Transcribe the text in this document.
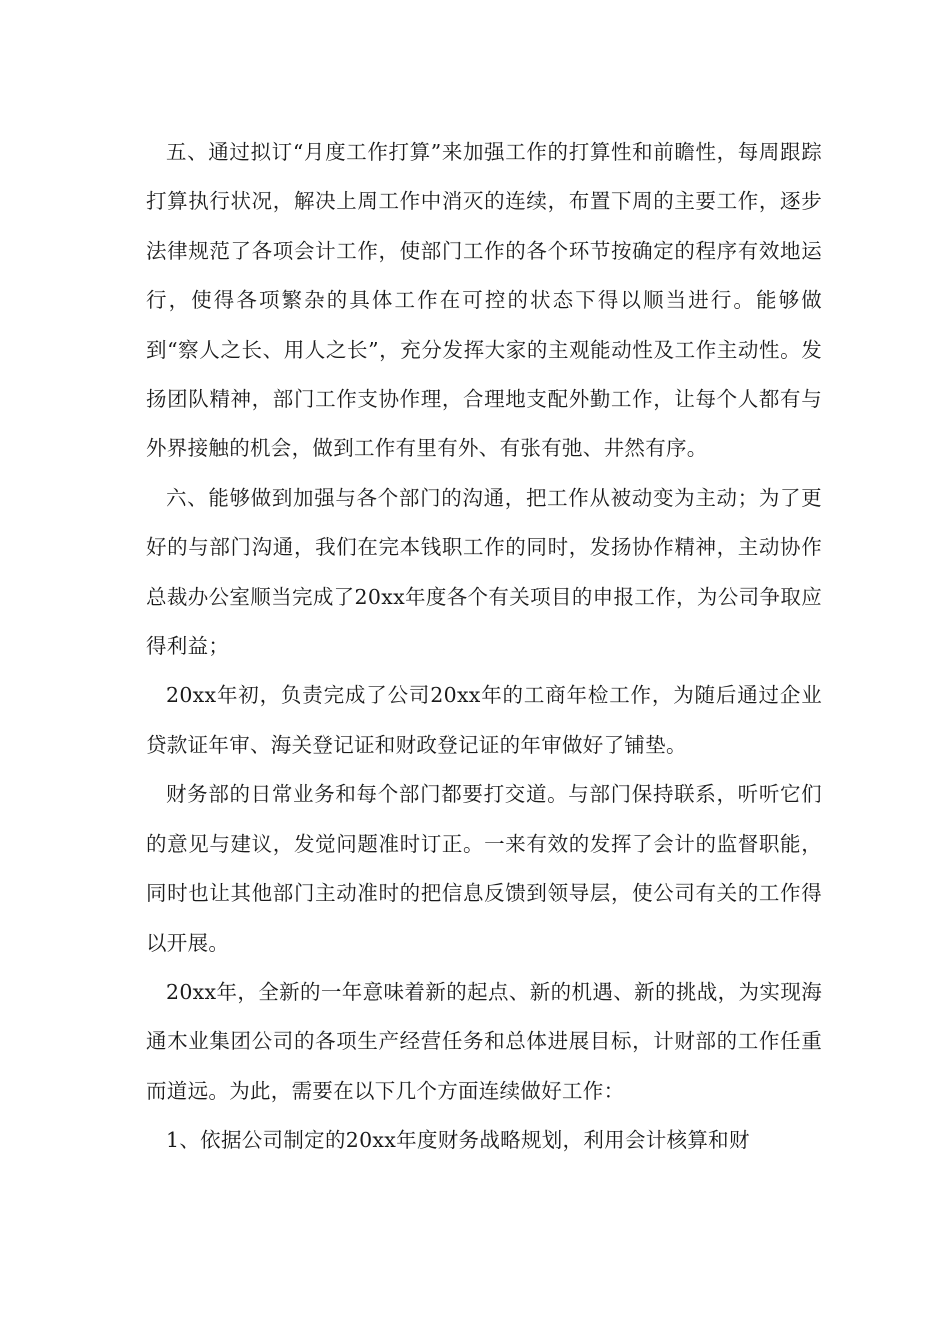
五、通过拟订“月度工作打算”来加强工作的打算性和前瞻性，每周跟踪打算执行状况，解决上周工作中消灭的连续，布置下周的主要工作，逐步法律规范了各项会计工作，使部门工作的各个环节按确定的程序有效地运行，使得各项繁杂的具体工作在可控的状态下得以顺当进行。能够做到“察人之长、用人之长”，充分发挥大家的主观能动性及工作主动性。发扬团队精神，部门工作支协作理，合理地支配外勤工作，让每个人都有与外界接触的机会，做到工作有里有外、有张有弛、井然有序。

六、能够做到加强与各个部门的沟通，把工作从被动变为主动；为了更好的与部门沟通，我们在完本钱职工作的同时，发扬协作精神，主动协作总裁办公室顺当完成了20xx年度各个有关项目的申报工作，为公司争取应得利益；

20xx年初，负责完成了公司20xx年的工商年检工作，为随后通过企业贷款证年审、海关登记证和财政登记证的年审做好了铺垫。

财务部的日常业务和每个部门都要打交道。与部门保持联系，听听它们的意见与建议，发觉问题准时订正。一来有效的发挥了会计的监督职能，同时也让其他部门主动准时的把信息反馈到领导层，使公司有关的工作得以开展。

20xx年，全新的一年意味着新的起点、新的机遇、新的挑战，为实现海通木业集团公司的各项生产经营任务和总体进展目标，计财部的工作任重而道远。为此，需要在以下几个方面连续做好工作：

1、依据公司制定的20xx年度财务战略规划，利用会计核算和财
